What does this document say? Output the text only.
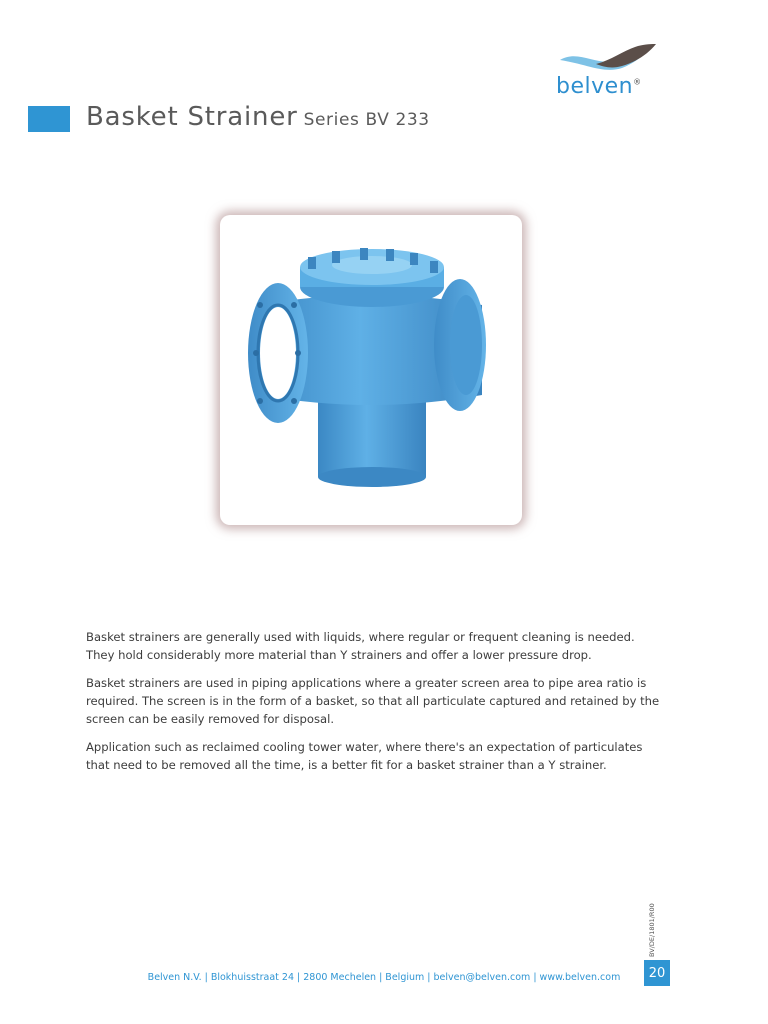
belven®
Basket Strainer Series BV 233

Basket strainers are generally used with liquids, where regular or frequent cleaning is needed. They hold considerably more material than Y strainers and offer a lower pressure drop.

Basket strainers are used in piping applications where a greater screen area to pipe area ratio is required. The screen is in the form of a basket, so that all particulate captured and retained by the screen can be easily removed for disposal.

Application such as reclaimed cooling tower water, where there's an expectation of particulates that need to be removed all the time, is a better fit for a basket strainer than a Y strainer.

BV/DE/1801/R00
20
Belven N.V. | Blokhuisstraat 24 | 2800 Mechelen | Belgium | belven@belven.com | www.belven.com
